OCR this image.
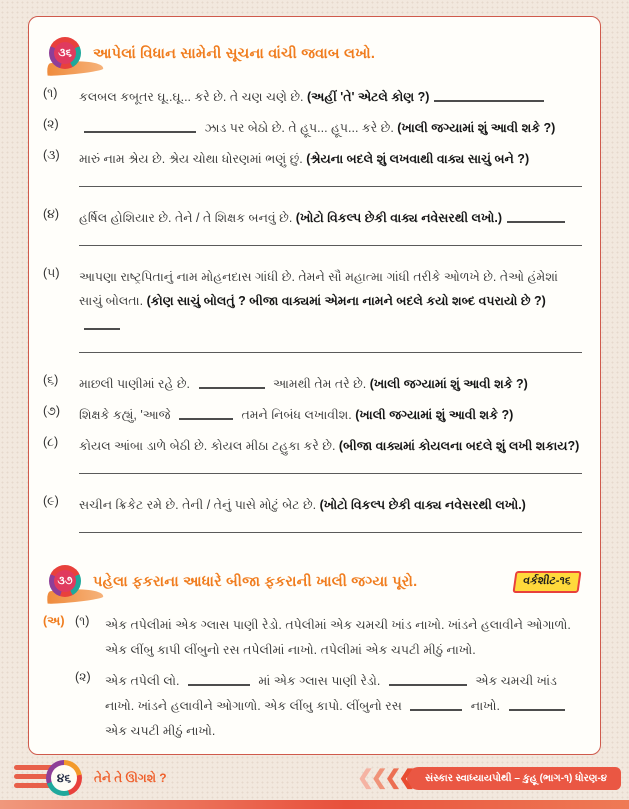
૩૬ આપેલાં વિધાન સામેની સૂચના વાંચી જવાબ લખો.
(૧)	કલબલ કબૂતર ઘૂ..ઘૂ... કરે છે. તે ચણ ચણે છે. (અહીં 'તે' એટલે કોણ ?)
(૨)	ઝાડ પર બેઠો છે. તે હૂપ... હૂપ... કરે છે. (ખાલી જગ્યામાં શું આવી શકે ?)
(૩)	મારું નામ શ્રેય છે. શ્રેય ચોથા ધોરણમાં ભણું છું. (શ્રેયના બદલે શું લખવાથી વાક્ય સાચું બને ?)
(૪)	હર્ષિલ હોશિયાર છે. તેને / તે શિક્ષક બનવું છે. (ખોટો વિકલ્પ છેકી વાક્ય નવેસરથી લખો.)
(૫)	આપણા રાષ્ટ્રપિતાનું નામ મોહનદાસ ગાંધી છે. તેમને સૌ મહાત્મા ગાંધી તરીકે ઓળખે છે. તેઓ હંમેશાં સાચું બોલતા. (કોણ સાચું બોલતું ? બીજા વાક્યમાં એમના નામને બદલે કયો શબ્દ વપરાયો છે ?)
(૬)	માછલી પાણીમાં રહે છે.	આમથી તેમ તરે છે. (ખાલી જગ્યામાં શું આવી શકે ?)
(૭)	શિક્ષકે કહ્યું, 'આજે	તમને નિબંધ લખાવીશ. (ખાલી જગ્યામાં શું આવી શકે ?)
(૮)	કોયલ આંબા ડાળે બેઠી છે. કોયલ મીઠા ટહુકા કરે છે. (બીજા વાક્યમાં કોયલના બદલે શું લખી શકાય?)
(૯)	સચીન ક્રિકેટ રમે છે. તેની / તેનું પાસે મોટું બેટ છે. (ખોટો વિકલ્પ છેકી વાક્ય નવેસરથી લખો.)
૩૭ પહેલા ફકરાના આધારે બીજા ફકરાની ખાલી જગ્યા પૂરો.	વર્કશીટ-૧૬
(અ) (૧)	એક તપેલીમાં એક ગ્લાસ પાણી રેડો. તપેલીમાં એક ચમચી ખાંડ નાખો. ખાંડને હલાવીને ઓગાળો. એક લીંબુ કાપી લીંબુનો રસ તપેલીમાં નાખો. તપેલીમાં એક ચપટી મીઠું નાખો.
(૨)	એક તપેલી લો.	માં એક ગ્લાસ પાણી રેડો.	એક ચમચી ખાંડ નાખો. ખાંડને હલાવીને ઓગાળો. એક લીંબુ કાપો. લીંબુનો રસ	નાખો.  એક ચપટી મીઠું નાખો.
૪૬	તેને તે ઊગશે ?	❮
❮
❮
❮	સંસ્કાર સ્વાધ્યાયપોથી – કુહૂ (ભાગ-૧) ધોરણ-૪
